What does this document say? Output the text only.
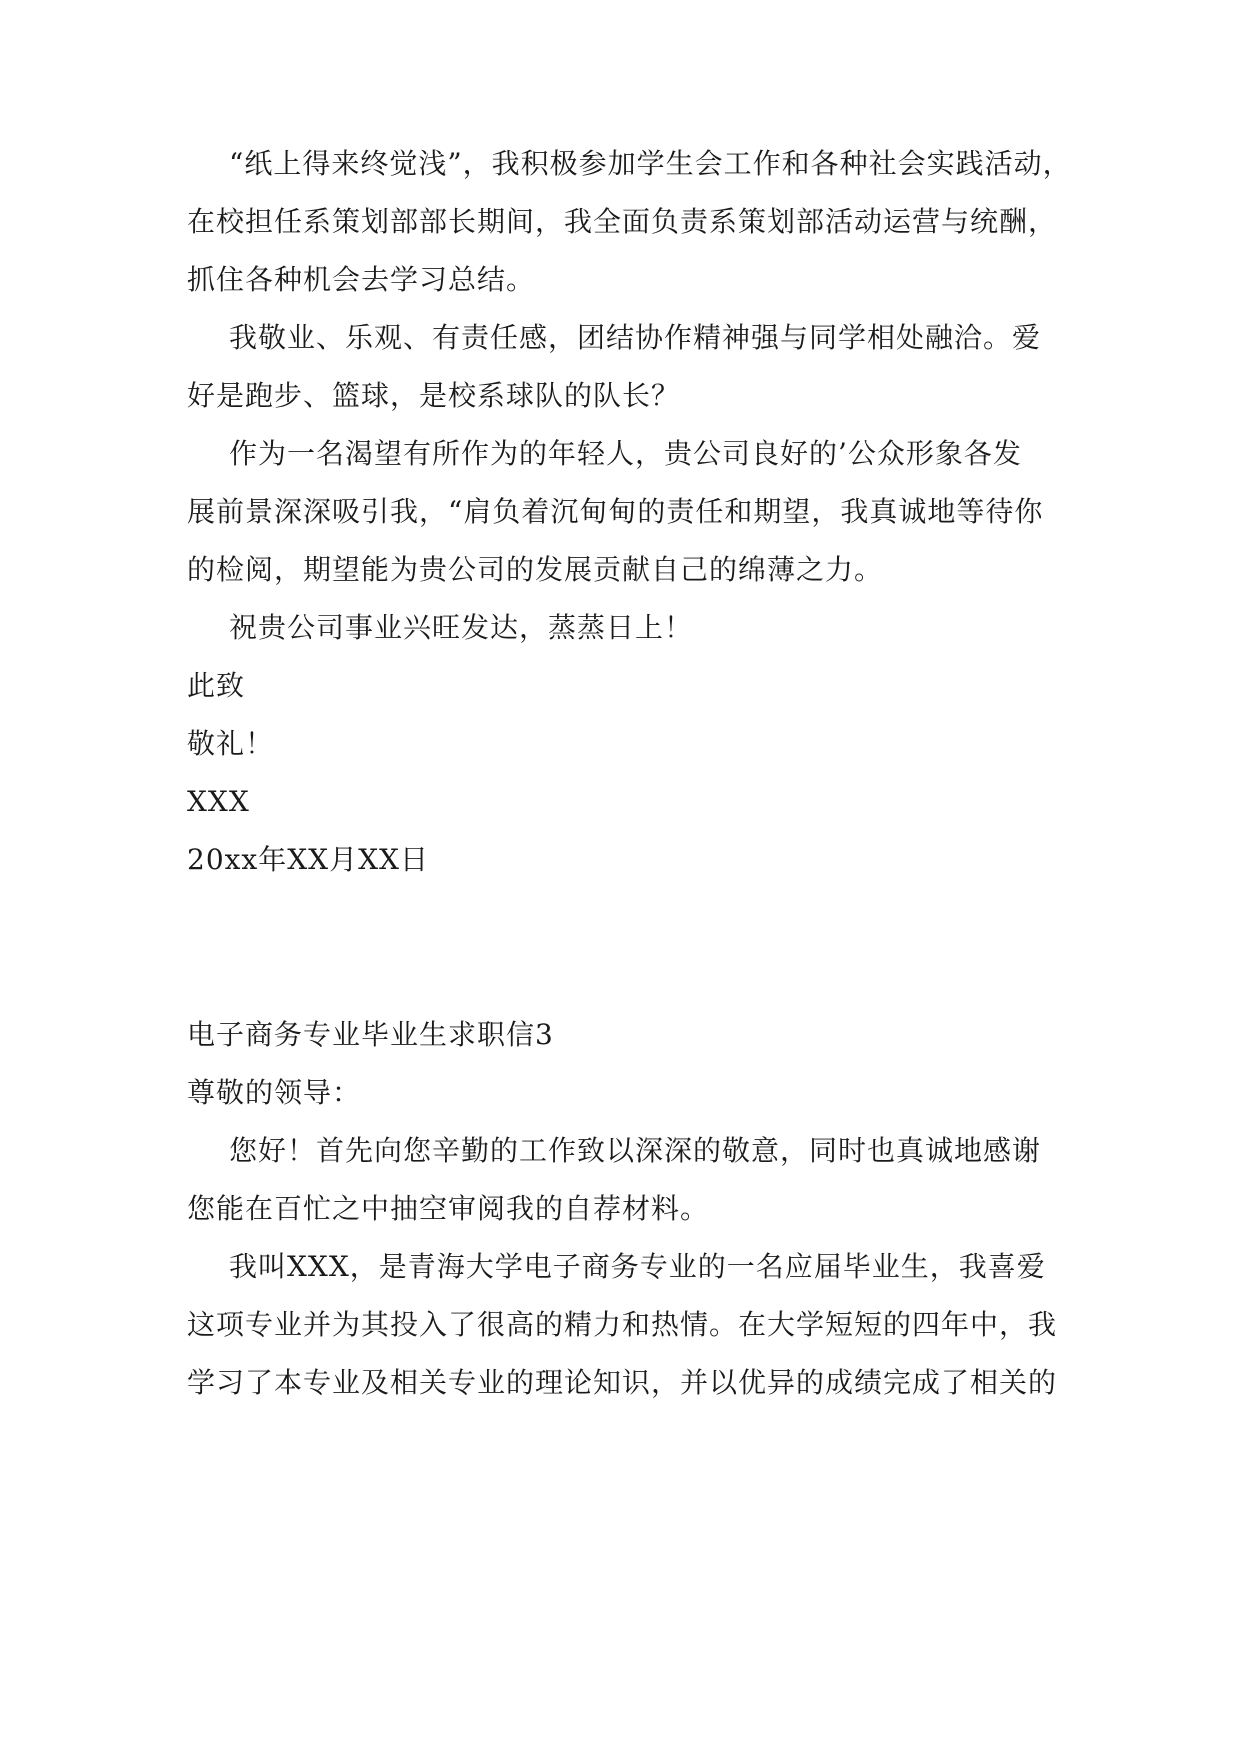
“纸上得来终觉浅”，我积极参加学生会工作和各种社会实践活动，
在校担任系策划部部长期间，我全面负责系策划部活动运营与统酬，
抓住各种机会去学习总结。
我敬业、乐观、有责任感，团结协作精神强与同学相处融洽。爱
好是跑步、篮球，是校系球队的队长？
作为一名渴望有所作为的年轻人，贵公司良好的’公众形象各发
展前景深深吸引我，“肩负着沉甸甸的责任和期望，我真诚地等待你
的检阅，期望能为贵公司的发展贡献自己的绵薄之力。
祝贵公司事业兴旺发达，蒸蒸日上！
此致
敬礼！
XXX
20xx年XX月XX日
电子商务专业毕业生求职信3
尊敬的领导：
您好！首先向您辛勤的工作致以深深的敬意，同时也真诚地感谢
您能在百忙之中抽空审阅我的自荐材料。
我叫XXX，是青海大学电子商务专业的一名应届毕业生，我喜爱
这项专业并为其投入了很高的精力和热情。在大学短短的四年中，我
学习了本专业及相关专业的理论知识，并以优异的成绩完成了相关的
